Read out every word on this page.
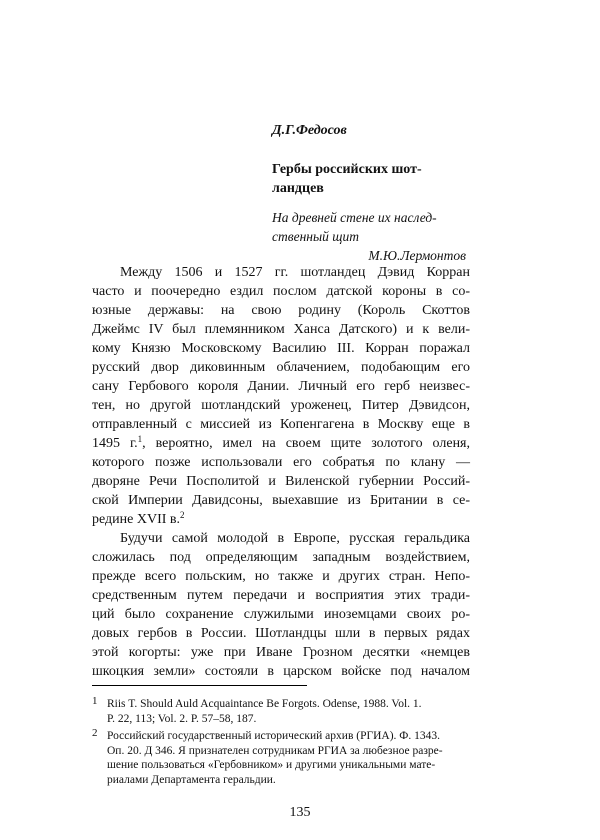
Д.Г.Федосов
Гербы российских шот-
ландцев
На древней стене их наслед-
ственный щит
М.Ю.Лермонтов
Между 1506 и 1527 гг. шотландец Дэвид Корран
часто и поочередно ездил послом датской короны в со-
юзные державы: на свою родину (Король Скоттов
Джеймс IV был племянником Ханса Датского) и к вели-
кому Князю Московскому Василию III. Корран поражал
русский двор диковинным облачением, подобающим его
сану Гербового короля Дании. Личный его герб неизвес-
тен, но другой шотландский уроженец, Питер Дэвидсон,
отправленный с миссией из Копенгагена в Москву еще в
1495 г.$^1$, вероятно, имел на своем щите золотого оленя,
которого позже использовали его собратья по клану —
дворяне Речи Посполитой и Виленской губернии Россий-
ской Империи Давидсоны, выехавшие из Британии в се-
редине XVII в.$^2$
Будучи самой молодой в Европе, русская геральдика
сложилась под определяющим западным воздействием,
прежде всего польским, но также и других стран. Непо-
средственным путем передачи и восприятия этих тради-
ций было сохранение служилыми иноземцами своих ро-
довых гербов в России. Шотландцы шли в первых рядах
этой когорты: уже при Иване Грозном десятки «немцев
шкоцкия земли» состояли в царском войске под началом
1 Riis T. Should Auld Acquaintance Be Forgots. Odense, 1988. Vol. 1.
P. 22, 113; Vol. 2. P. 57–58, 187.
2 Российский государственный исторический архив (РГИА). Ф. 1343.
Оп. 20. Д 346. Я признателен сотрудникам РГИА за любезное разре-
шение пользоваться «Гербовником» и другими уникальными мате-
риалами Департамента геральдии.
135
